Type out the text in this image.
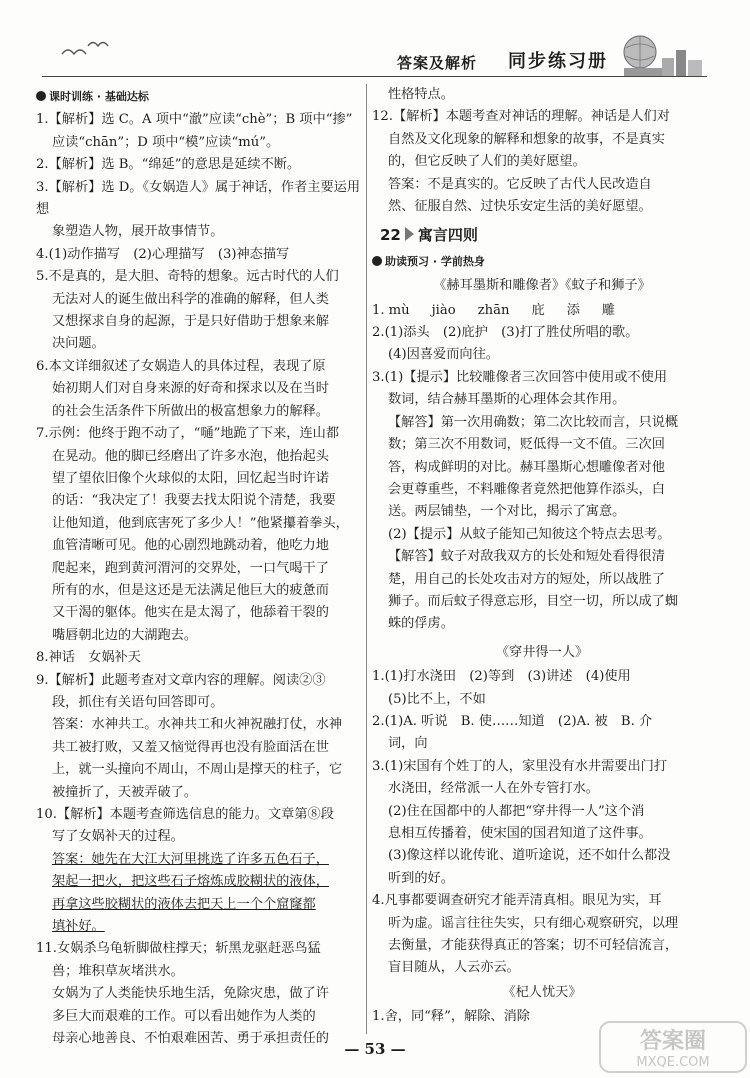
答案及解析 同步练习册
课时训练 · 基础达标

1.【解析】选 C。A 项中“澈”应读“chè”；B 项中“掺”

应读“chān”；D 项中“模”应读“mú”。

2.【解析】选 B。“绵延”的意思是延续不断。

3.【解析】选 D。《女娲造人》属于神话，作者主要运用想

象塑造人物，展开故事情节。

4.(1)动作描写　(2)心理描写　(3)神态描写

5.不是真的，是大胆、奇特的想象。远古时代的人们

无法对人的诞生做出科学的准确的解释，但人类

又想探求自身的起源，于是只好借助于想象来解

决问题。

6.本文详细叙述了女娲造人的具体过程，表现了原

始初期人们对自身来源的好奇和探求以及在当时

的社会生活条件下所做出的极富想象力的解释。

7.示例：他终于跑不动了，“嗵”地跪了下来，连山都

在晃动。他的脚已经磨出了许多水泡，他抬起头

望了望依旧像个火球似的太阳，回忆起当时许诺

的话：“我决定了！我要去找太阳说个清楚，我要

让他知道，他到底害死了多少人！”他紧攥着拳头，

血管清晰可见。他的心剧烈地跳动着，他吃力地

爬起来，跑到黄河渭河的交界处，一口气喝干了

所有的水，但是这还是无法满足他巨大的疲惫而

又干渴的躯体。他实在是太渴了，他舔着干裂的

嘴唇朝北边的大湖跑去。

8.神话　女娲补天

9.【解析】此题考查对文章内容的理解。阅读②③

段，抓住有关语句回答即可。

答案：水神共工。水神共工和火神祝融打仗，水神

共工被打败，又羞又恼觉得再也没有脸面活在世

上，就一头撞向不周山，不周山是撑天的柱子，它

被撞折了，天被弄破了。

10.【解析】本题考查筛选信息的能力。文章第⑧段

写了女娲补天的过程。

答案：她先在大江大河里挑选了许多五色石子，

架起一把火，把这些石子熔炼成胶糊状的液体，

再拿这些胶糊状的液体去把天上一个个窟窿都

填补好。

11.女娲杀乌龟斩脚做柱撑天；斩黑龙驱赶恶鸟猛

兽；堆积草灰堵洪水。

女娲为了人类能快乐地生活，免除灾患，做了许

多巨大而艰难的工作。可以看出她作为人类的

母亲心地善良、不怕艰难困苦、勇于承担责任的

性格特点。

12.【解析】本题考查对神话的理解。神话是人们对

自然及文化现象的解释和想象的故事，不是真实

的，但它反映了人们的美好愿望。

答案：不是真实的。它反映了古代人民改造自

然、征服自然、过快乐安定生活的美好愿望。

22 寓言四则
助读预习 · 学前热身

《赫耳墨斯和雕像者》《蚊子和狮子》

1. mù jiào zhān 庇 添 雕

2.(1)添头　(2)庇护　(3)打了胜仗所唱的歌。

(4)因喜爱而向往。

3.(1)【提示】比较雕像者三次回答中使用或不使用

数词，结合赫耳墨斯的心理体会其作用。

【解答】第一次用确数；第二次比较而言，只说概

数；第三次不用数词，贬低得一文不值。三次回

答，构成鲜明的对比。赫耳墨斯心想雕像者对他

会更尊重些，不料雕像者竟然把他算作添头，白

送。两层铺垫，一个对比，揭示了寓意。

(2)【提示】从蚊子能知己知彼这个特点去思考。

【解答】蚊子对敌我双方的长处和短处看得很清

楚，用自己的长处攻击对方的短处，所以战胜了

狮子。而后蚊子得意忘形，目空一切，所以成了蜘

蛛的俘虏。

《穿井得一人》

1.(1)打水浇田　(2)等到　(3)讲述　(4)使用

(5)比不上，不如

2.(1)A. 听说　B. 使……知道　(2)A. 被　B. 介

词，向

3.(1)宋国有个姓丁的人，家里没有水井需要出门打

水浇田，经常派一人在外专管打水。

(2)住在国都中的人都把“穿井得一人”这个消

息相互传播着，使宋国的国君知道了这件事。

(3)像这样以讹传讹、道听途说，还不如什么都没

听到的好。

4.凡事都要调查研究才能弄清真相。眼见为实，耳

听为虚。谣言往往失实，只有细心观察研究，以理

去衡量，才能获得真正的答案；切不可轻信流言，

盲目随从，人云亦云。

《杞人忧天》

1.舍，同“释”，解除、消除

— 53 —	答案圈
MXQE.COM
